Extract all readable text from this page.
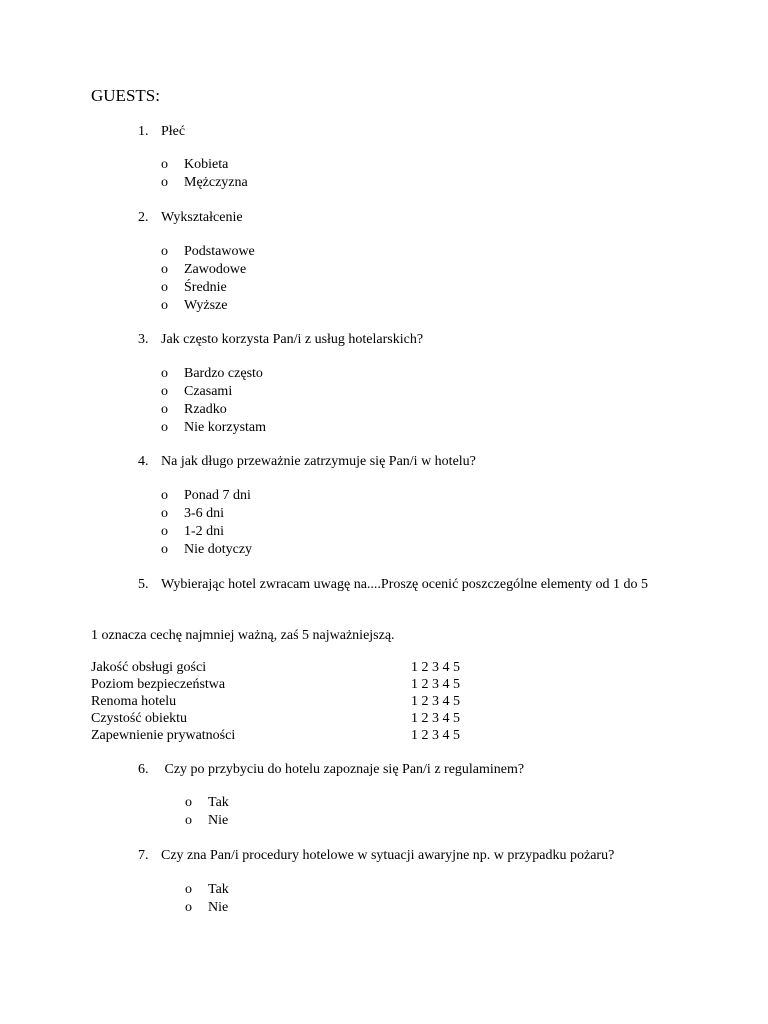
GUESTS:
1. Płeć
o Kobieta
o Mężczyzna
2. Wykształcenie
o Podstawowe
o Zawodowe
o Średnie
o Wyższe
3. Jak często korzysta Pan/i z usług hotelarskich?
o Bardzo często
o Czasami
o Rzadko
o Nie korzystam
4. Na jak długo przeważnie zatrzymuje się Pan/i w hotelu?
o Ponad 7 dni
o 3-6 dni
o 1-2 dni
o Nie dotyczy
5. Wybierając hotel zwracam uwagę na....Proszę ocenić poszczególne elementy od 1 do 5
1 oznacza cechę najmniej ważną, zaś 5 najważniejszą.
Jakość obsługi gości	1 2 3 4 5
Poziom bezpieczeństwa	1 2 3 4 5
Renoma hotelu	1 2 3 4 5
Czystość obiektu	1 2 3 4 5
Zapewnienie prywatności	1 2 3 4 5
6. Czy po przybyciu do hotelu zapoznaje się Pan/i z regulaminem?
o Tak
o Nie
7. Czy zna Pan/i procedury hotelowe w sytuacji awaryjne np. w przypadku pożaru?
o Tak
o Nie
